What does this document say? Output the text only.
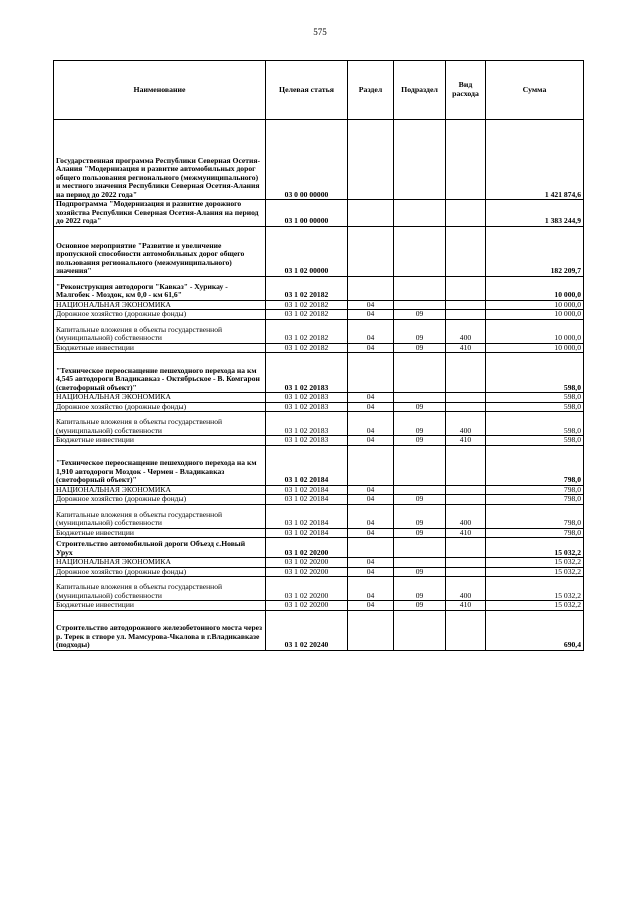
575
Наименование	Целевая статья	Раздел	Подраздел	Вид расхода	Сумма
Государственная программа Республики Северная Осетия-Алания "Модернизация и развитие автомобильных дорог общего пользования регионального (межмуниципального) и местного значения Республики Северная Осетия-Алания на период до 2022 года"	03 0 00 00000				1 421 874,6
Подпрограмма "Модернизация и развитие дорожного хозяйства Республики Северная Осетия-Алания на период до 2022 года"	03 1 00 00000				1 383 244,9
Основное мероприятие "Развитие и увеличение пропускной способности автомобильных дорог общего пользования регионального (межмуниципального) значения"	03 1 02 00000				182 209,7
"Реконструкция автодороги "Кавказ" - Хурикау - Малгобек - Моздок, км 0,0 - км 61,6"	03 1 02 20182				10 000,0
НАЦИОНАЛЬНАЯ ЭКОНОМИКА	03 1 02 20182	04			10 000,0
Дорожное хозяйство (дорожные фонды)	03 1 02 20182	04	09		10 000,0
Капитальные вложения в объекты государственной (муниципальной) собственности	03 1 02 20182	04	09	400	10 000,0
Бюджетные инвестиции	03 1 02 20182	04	09	410	10 000,0
"Техническое переоснащение пешеходного перехода на км 4,545 автодороги Владикавказ - Октябрьское - В. Комгарон (светофорный объект)"	03 1 02 20183				598,0
НАЦИОНАЛЬНАЯ ЭКОНОМИКА	03 1 02 20183	04			598,0
Дорожное хозяйство (дорожные фонды)	03 1 02 20183	04	09		598,0
Капитальные вложения в объекты государственной (муниципальной) собственности	03 1 02 20183	04	09	400	598,0
Бюджетные инвестиции	03 1 02 20183	04	09	410	598,0
"Техническое переоснащение пешеходного перехода на км 1,910 автодороги Моздок - Чермен - Владикавказ (светофорный объект)"	03 1 02 20184				798,0
НАЦИОНАЛЬНАЯ ЭКОНОМИКА	03 1 02 20184	04			798,0
Дорожное хозяйство (дорожные фонды)	03 1 02 20184	04	09		798,0
Капитальные вложения в объекты государственной (муниципальной) собственности	03 1 02 20184	04	09	400	798,0
Бюджетные инвестиции	03 1 02 20184	04	09	410	798,0
Строительство автомобильной дороги Объезд с.Новый Урух	03 1 02 20200				15 032,2
НАЦИОНАЛЬНАЯ ЭКОНОМИКА	03 1 02 20200	04			15 032,2
Дорожное хозяйство (дорожные фонды)	03 1 02 20200	04	09		15 032,2
Капитальные вложения в объекты государственной (муниципальной) собственности	03 1 02 20200	04	09	400	15 032,2
Бюджетные инвестиции	03 1 02 20200	04	09	410	15 032,2
Строительство автодорожного железобетонного моста через р. Терек в створе ул. Мамсурова-Чкалова в г.Владикавказе (подходы)	03 1 02 20240				690,4
